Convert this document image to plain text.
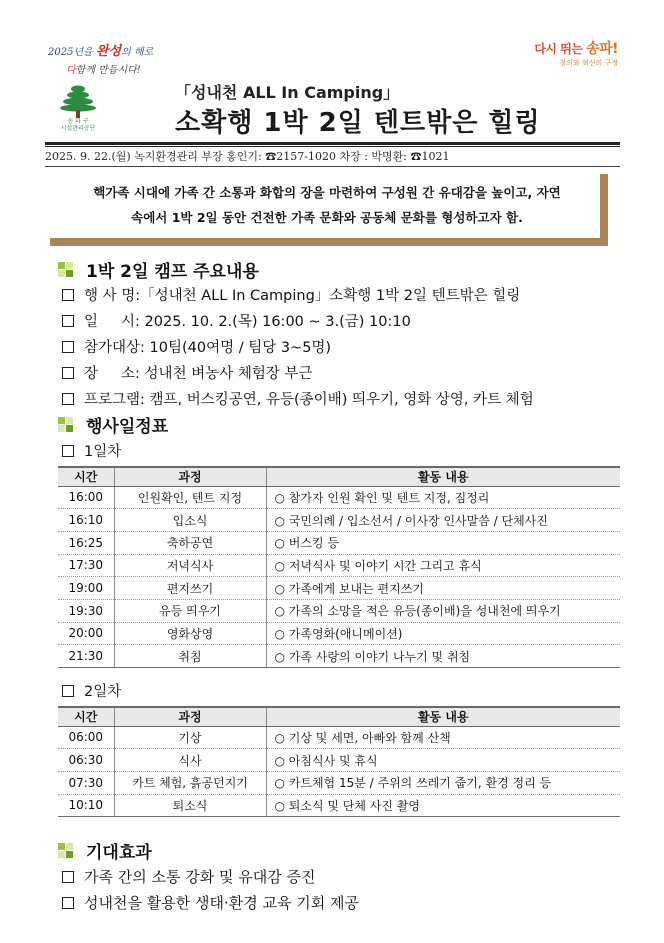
2025년을 완성의 해로
다함께 만듭시다!
다시 뛰는 송파!
창의와 혁신의 구정
송 파 구
시설관리공단
「성내천 ALL In Camping」
소확행 1박 2일 텐트밖은 힐링
2025. 9. 22.(월) 녹지환경관리 부장 홍인기: ☎2157-1020 차장 : 박명환: ☎1021

핵가족 시대에 가족 간 소통과 화합의 장을 마련하여 구성원 간 유대감을 높이고, 자연
속에서 1박 2일 동안 건전한 가족 문화와 공동체 문화를 형성하고자 함.

1박 2일 캠프 주요내용
행 사 명:「성내천 ALL In Camping」소확행 1박 2일 텐트밖은 힐링
일     시: 2025. 10. 2.(목) 16:00 ~ 3.(금) 10:10
참가대상: 10팀(40여명 / 팀당 3~5명)
장     소: 성내천 벼농사 체험장 부근
프로그램: 캠프, 버스킹공연, 유등(종이배) 띄우기, 영화 상영, 카트 체험
행사일정표
1일차
시간	과정	활동 내용
16:00	인원확인, 텐트 지정	○ 참가자 인원 확인 및 텐트 지정, 짐정리
16:10	입소식	○ 국민의례 / 입소선서 / 이사장 인사말씀 / 단체사진
16:25	축하공연	○ 버스킹 등
17:30	저녁식사	○ 저녁식사 및 이야기 시간 그리고 휴식
19:00	편지쓰기	○ 가족에게 보내는 편지쓰기
19:30	유등 띄우기	○ 가족의 소망을 적은 유등(종이배)을 성내천에 띄우기
20:00	영화상영	○ 가족영화(애니메이션)
21:30	취침	○ 가족 사랑의 이야기 나누기 및 취침
2일차
시간	과정	활동 내용
06:00	기상	○ 기상 및 세면, 아빠와 함께 산책
06:30	식사	○ 아침식사 및 휴식
07:30	카트 체험, 흙공던지기	○ 카트체험 15분 / 주위의 쓰레기 줍기, 환경 정리 등
10:10	퇴소식	○ 퇴소식 및 단체 사진 촬영
기대효과
가족 간의 소통 강화 및 유대감 증진
성내천을 활용한 생태·환경 교육 기회 제공
